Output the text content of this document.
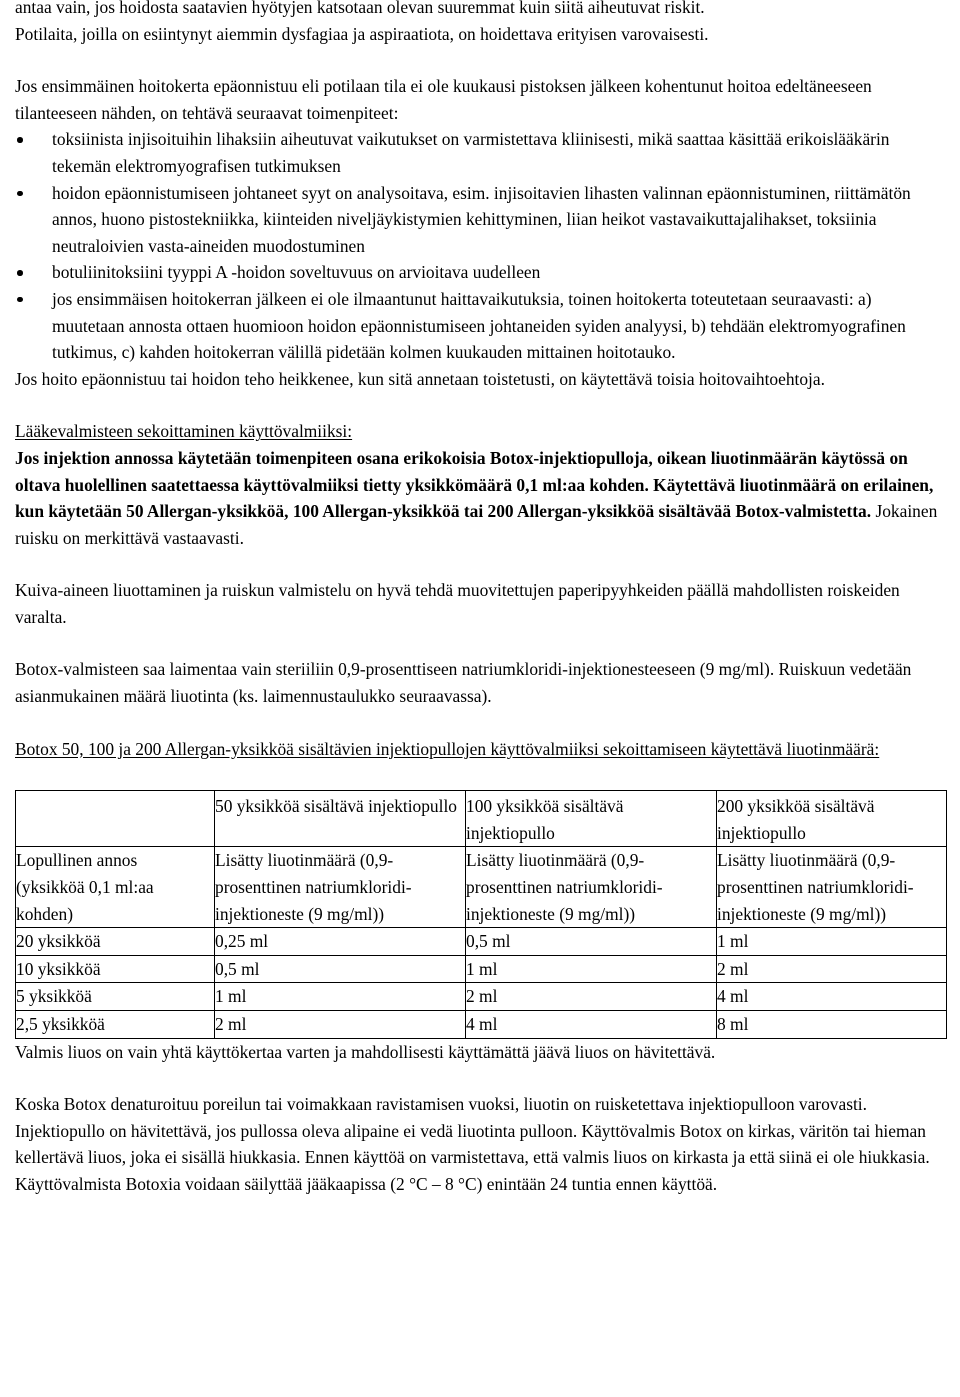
antaa vain, jos hoidosta saatavien hyötyjen katsotaan olevan suuremmat kuin siitä aiheutuvat riskit.

Potilaita, joilla on esiintynyt aiemmin dysfagiaa ja aspiraatiota, on hoidettava erityisen varovaisesti.

Jos ensimmäinen hoitokerta epäonnistuu eli potilaan tila ei ole kuukausi pistoksen jälkeen kohentunut hoitoa edeltäneeseen tilanteeseen nähden, on tehtävä seuraavat toimenpiteet:

toksiinista injisoituihin lihaksiin aiheutuvat vaikutukset on varmistettava kliinisesti, mikä saattaa käsittää erikoislääkärin tekemän elektromyografisen tutkimuksen
hoidon epäonnistumiseen johtaneet syyt on analysoitava, esim. injisoitavien lihasten valinnan epäonnistuminen, riittämätön annos, huono pistostekniikka, kiinteiden niveljäykistymien kehittyminen, liian heikot vastavaikuttajalihakset, toksiinia neutraloivien vasta-aineiden muodostuminen
botuliinitoksiini tyyppi A -hoidon soveltuvuus on arvioitava uudelleen
jos ensimmäisen hoitokerran jälkeen ei ole ilmaantunut haittavaikutuksia, toinen hoitokerta toteutetaan seuraavasti: a) muutetaan annosta ottaen huomioon hoidon epäonnistumiseen johtaneiden syiden analyysi, b) tehdään elektromyografinen tutkimus, c) kahden hoitokerran välillä pidetään kolmen kuukauden mittainen hoitotauko.

Jos hoito epäonnistuu tai hoidon teho heikkenee, kun sitä annetaan toistetusti, on käytettävä toisia hoitovaihtoehtoja.

Lääkevalmisteen sekoittaminen käyttövalmiiksi:

Jos injektion annossa käytetään toimenpiteen osana erikokoisia Botox-injektiopulloja, oikean liuotinmäärän käytössä on oltava huolellinen saatettaessa käyttövalmiiksi tietty yksikkömäärä 0,1 ml:aa kohden. Käytettävä liuotinmäärä on erilainen, kun käytetään 50 Allergan-yksikköä, 100 Allergan-yksikköä tai 200 Allergan-yksikköä sisältävää Botox-valmistetta. Jokainen ruisku on merkittävä vastaavasti.

Kuiva-aineen liuottaminen ja ruiskun valmistelu on hyvä tehdä muovitettujen paperipyyhkeiden päällä mahdollisten roiskeiden varalta.

Botox-valmisteen saa laimentaa vain steriiliin 0,9-prosenttiseen natriumkloridi-injektionesteeseen (9 mg/ml). Ruiskuun vedetään asianmukainen määrä liuotinta (ks. laimennustaulukko seuraavassa).

Botox 50, 100 ja 200 Allergan-yksikköä sisältävien injektiopullojen käyttövalmiiksi sekoittamiseen käytettävä liuotinmäärä:

	50 yksikköä sisältävä injektiopullo	100 yksikköä sisältävä injektiopullo	200 yksikköä sisältävä injektiopullo
Lopullinen annos (yksikköä 0,1 ml:aa kohden)	Lisätty liuotinmäärä (0,9-prosenttinen natriumkloridi-injektioneste (9 mg/ml))	Lisätty liuotinmäärä (0,9-prosenttinen natriumkloridi-injektioneste (9 mg/ml))	Lisätty liuotinmäärä (0,9-prosenttinen natriumkloridi-injektioneste (9 mg/ml))
20 yksikköä	0,25 ml	0,5 ml	1 ml
10 yksikköä	0,5 ml	1 ml	2 ml
5 yksikköä	1 ml	2 ml	4 ml
2,5 yksikköä	2 ml	4 ml	8 ml

Valmis liuos on vain yhtä käyttökertaa varten ja mahdollisesti käyttämättä jäävä liuos on hävitettävä.

Koska Botox denaturoituu poreilun tai voimakkaan ravistamisen vuoksi, liuotin on ruisketettava injektiopulloon varovasti. Injektiopullo on hävitettävä, jos pullossa oleva alipaine ei vedä liuotinta pulloon. Käyttövalmis Botox on kirkas, väritön tai hieman kellertävä liuos, joka ei sisällä hiukkasia. Ennen käyttöä on varmistettava, että valmis liuos on kirkasta ja että siinä ei ole hiukkasia.

Käyttövalmista Botoxia voidaan säilyttää jääkaapissa (2 °C – 8 °C) enintään 24 tuntia ennen käyttöä.
